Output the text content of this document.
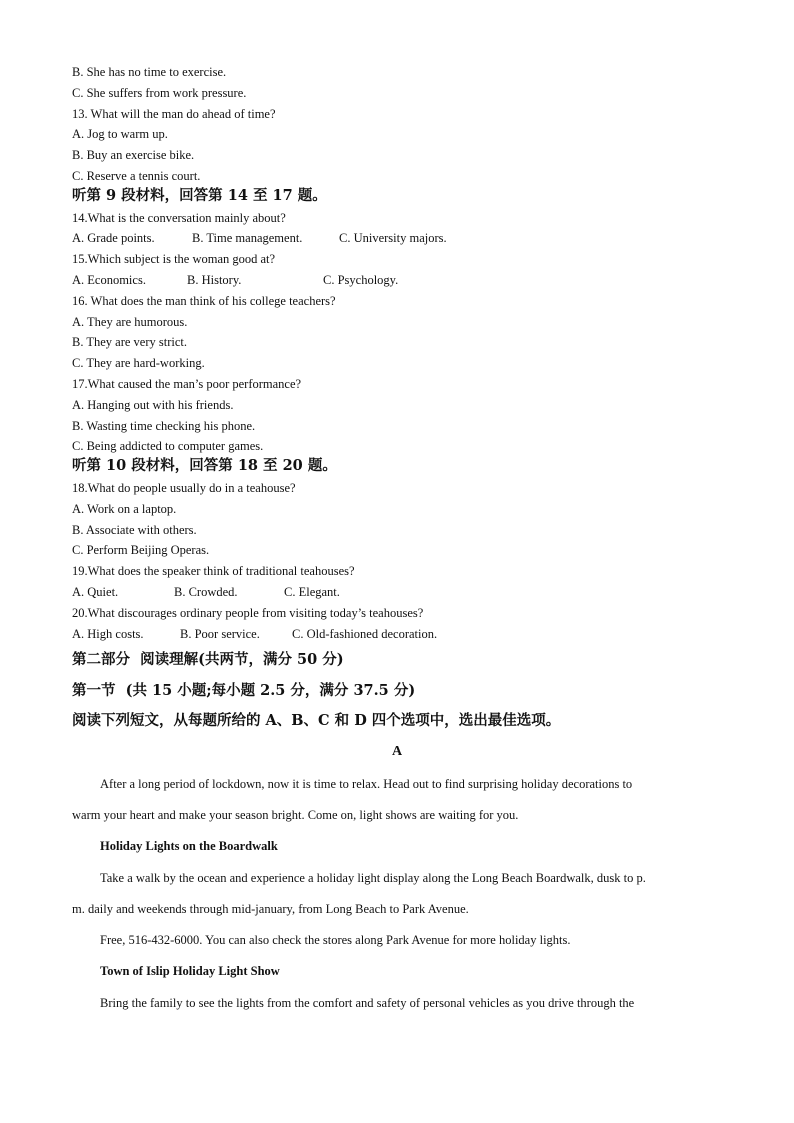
B. She has no time to exercise.
C. She suffers from work pressure.
13. What will the man do ahead of time?
A. Jog to warm up.
B. Buy an exercise bike.
C. Reserve a tennis court.
听第 9 段材料，回答第 14 至 17 题。
14.What is the conversation mainly about?

A. Grade points.

	B. Time management.

	C. University majors.

15.Which subject is the woman good at?

A. Economics.

	B. History.

	C. Psychology.

16. What does the man think of his college teachers?
A. They are humorous.
B. They are very strict.
C. They are hard-working.
17.What caused the man’s poor performance?
A. Hanging out with his friends.
B. Wasting time checking his phone.
C. Being addicted to computer games.
听第 10 段材料，回答第 18 至 20 题。
18.What do people usually do in a teahouse?
A. Work on a laptop.
B. Associate with others.
C. Perform Beijing Operas.
19.What does the speaker think of traditional teahouses?

A. Quiet.

	B. Crowded.

	C. Elegant.

20.What discourages ordinary people from visiting today’s teahouses?

A. High costs.

	B. Poor service.

	C. Old-fashioned decoration.

第二部分  阅读理解(共两节，满分 50 分)
第一节  (共 15 小题;每小题 2.5 分，满分 37.5 分)
阅读下列短文，从每题所给的 A、B、C 和 D 四个选项中，选出最佳选项。
A
After a long period of lockdown, now it is time to relax. Head out to find surprising holiday decorations to
warm your heart and make your season bright. Come on, light shows are waiting for you.
Holiday Lights on the Boardwalk
Take a walk by the ocean and experience a holiday light display along the Long Beach Boardwalk, dusk to p.
m. daily and weekends through mid-january, from Long Beach to Park Avenue.
Free, 516-432-6000. You can also check the stores along Park Avenue for more holiday lights.
Town of Islip Holiday Light Show
Bring the family to see the lights from the comfort and safety of personal vehicles as you drive through the
